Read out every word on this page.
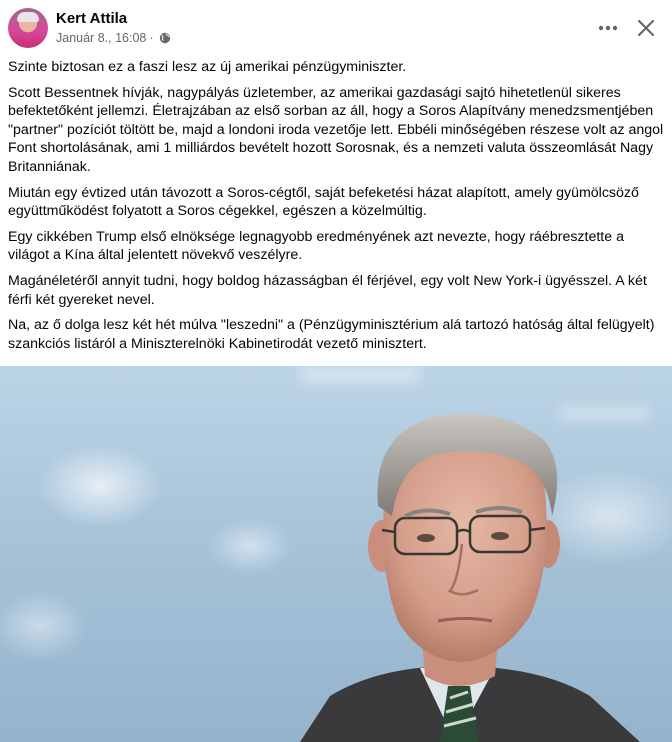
Kert Attila
Január 8., 16:08 ·

Szinte biztosan ez a faszi lesz az új amerikai pénzügyminiszter.

Scott Bessentnek hívják, nagypályás üzletember, az amerikai gazdasági sajtó hihetetlenül sikeres befektetőként jellemzi. Életrajzában az első sorban az áll, hogy a Soros Alapítvány menedzsmentjében "partner" pozíciót töltött be, majd a londoni iroda vezetője lett. Ebbéli minőségében részese volt az angol Font shortolásának, ami 1 milliárdos bevételt hozott Sorosnak, és a nemzeti valuta összeomlását Nagy Britanniának.

Miután egy évtized után távozott a Soros-cégtől, saját befeketési házat alapított, amely gyümölcsöző együttműködést folyatott a Soros cégekkel, egészen a közelmúltig.

Egy cikkében Trump első elnöksége legnagyobb eredményének azt nevezte, hogy ráébresztette a világot a Kína által jelentett növekvő veszélyre.

Magánéletéről annyit tudni, hogy boldog házasságban él férjével, egy volt New York-i ügyésszel. A két férfi két gyereket nevel.

Na, az ő dolga lesz két hét múlva "leszedni" a (Pénzügyminisztérium alá tartozó hatóság által felügyelt) szankciós listáról a Miniszterelnöki Kabinetirodát vezető minisztert.
